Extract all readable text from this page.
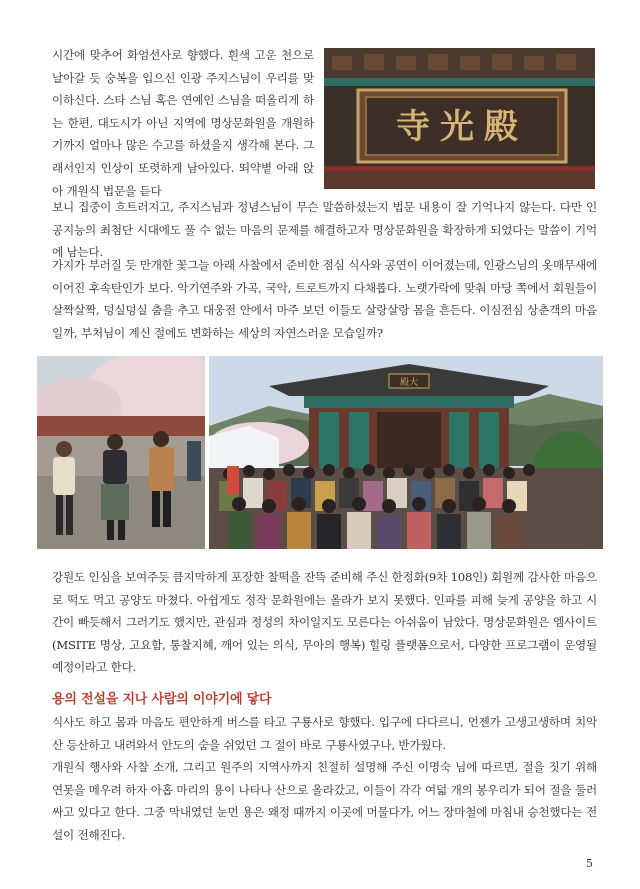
寺光殿

시간에 맞추어 화엄선사로 향했다. 흰색 고운 천으로 날아갈 듯 숭복을 입으신 인광 주지스님이 우리를 맞이하신다. 스타 스님 혹은 연예인 스님을 떠올리게 하는 한편, 대도시가 아닌 지역에 명상문화원을 개원하기까지 얼마나 많은 수고를 하셨을지 생각해 본다. 그래서인지 인상이 또렷하게 남아있다. 뙤약볕 아래 앉아 개원식 법문을 듣다

보니 집중이 흐트러지고, 주지스님과 정념스님이 무슨 말씀하셨는지 법문 내용이 잘 기억나지 않는다. 다만 인공지능의 최첨단 시대에도 풀 수 없는 마음의 문제를 해결하고자 명상문화원을 확장하게 되었다는 말씀이 기억에 남는다.

가지가 부러질 듯 만개한 꽃그늘 아래 사찰에서 준비한 점심 식사와 공연이 이어졌는데, 인광스님의 옷매무새에 이어진 후속탄인가 보다. 악기연주와 가곡, 국악, 트로트까지 다채롭다. 노랫가락에 맞춰 마당 쪽에서 회원들이 살짝살짝, 덩실덩실 춤을 추고 대웅전 안에서 마주 보던 이들도 살랑살랑 몸을 흔든다. 이심전심 상춘객의 마음일까, 부처님이 계신 절에도 변화하는 세상의 자연스러운 모습일까?

殿大

강원도 인심을 보여주듯 큼지막하게 포장한 찰떡을 잔뜩 준비해 주신 한정화(9차 108인) 회원께 감사한 마음으로 떡도 먹고 공양도 마쳤다. 아쉽게도 정작 문화원에는 올라가 보지 못했다. 인파를 피해 늦게 공양을 하고 시간이 빠듯해서 그러기도 했지만, 관심과 정성의 차이일지도 모른다는 아쉬움이 남았다. 명상문화원은 엠사이트(MSITE 명상, 고요함, 통찰지혜, 깨어 있는 의식, 무아의 행복) 힐링 플랫폼으로서, 다양한 프로그램이 운영될 예정이라고 한다.

용의 전설을 지나 사람의 이야기에 닿다

식사도 하고 몸과 마음도 편안하게 버스를 타고 구룡사로 향했다. 입구에 다다르니, 언젠가 고생고생하며 치악산 등산하고 내려와서 안도의 숨을 쉬었던 그 절이 바로 구룡사였구나, 반가웠다.

개원식 행사와 사찰 소개, 그리고 원주의 지역사까지 친절히 설명해 주신 이명숙 님에 따르면, 절을 짓기 위해 연못을 메우려 하자 아홉 마리의 용이 나타나 산으로 올라갔고, 이들이 각각 여덟 개의 봉우리가 되어 절을 둘러싸고 있다고 한다. 그중 막내였던 눈먼 용은 왜정 때까지 이곳에 머물다가, 어느 장마철에 마침내 승천했다는 전설이 전해진다.

5
